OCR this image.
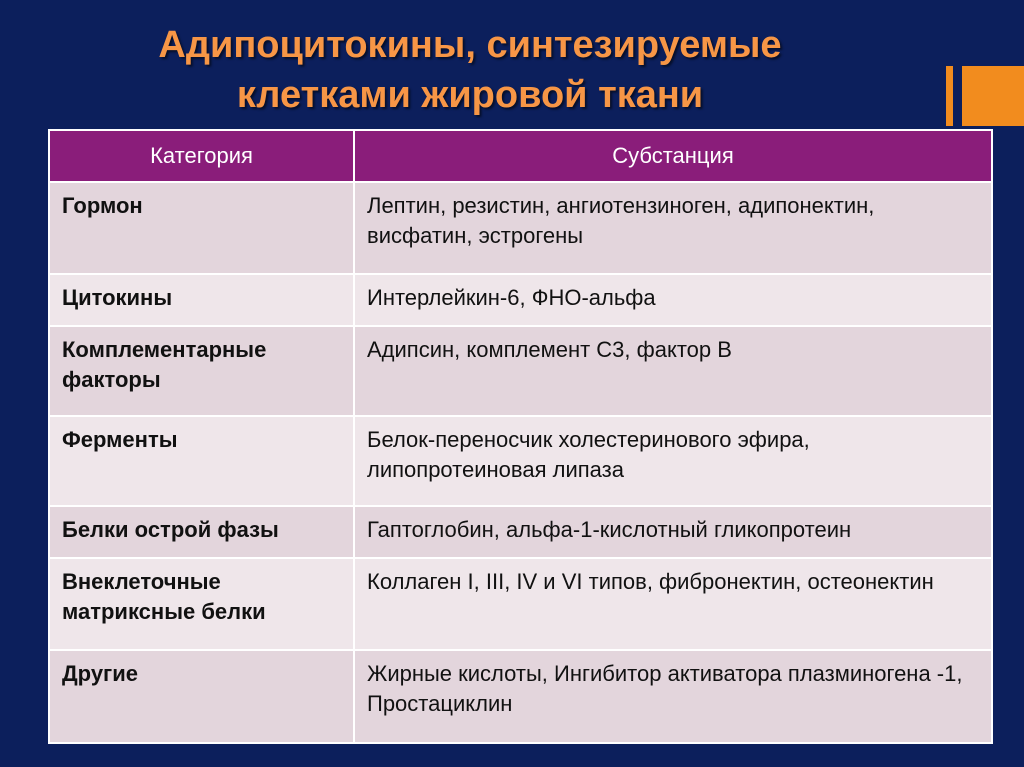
Адипоцитокины, синтезируемые
клетками жировой ткани
Категория	Субстанция
Гормон	Лептин, резистин, ангиотензиноген, адипонектин, висфатин, эстрогены
Цитокины	Интерлейкин-6, ФНО-альфа
Комплементарные факторы	Адипсин, комплемент С3, фактор В
Ферменты	Белок-переносчик холестеринового эфира, липопротеиновая липаза
Белки острой фазы	Гаптоглобин, альфа-1-кислотный гликопротеин
Внеклеточные матриксные белки	Коллаген I, III, IV и VI типов, фибронектин, остеонектин
Другие	Жирные кислоты, Ингибитор активатора плазминогена -1, Простациклин
